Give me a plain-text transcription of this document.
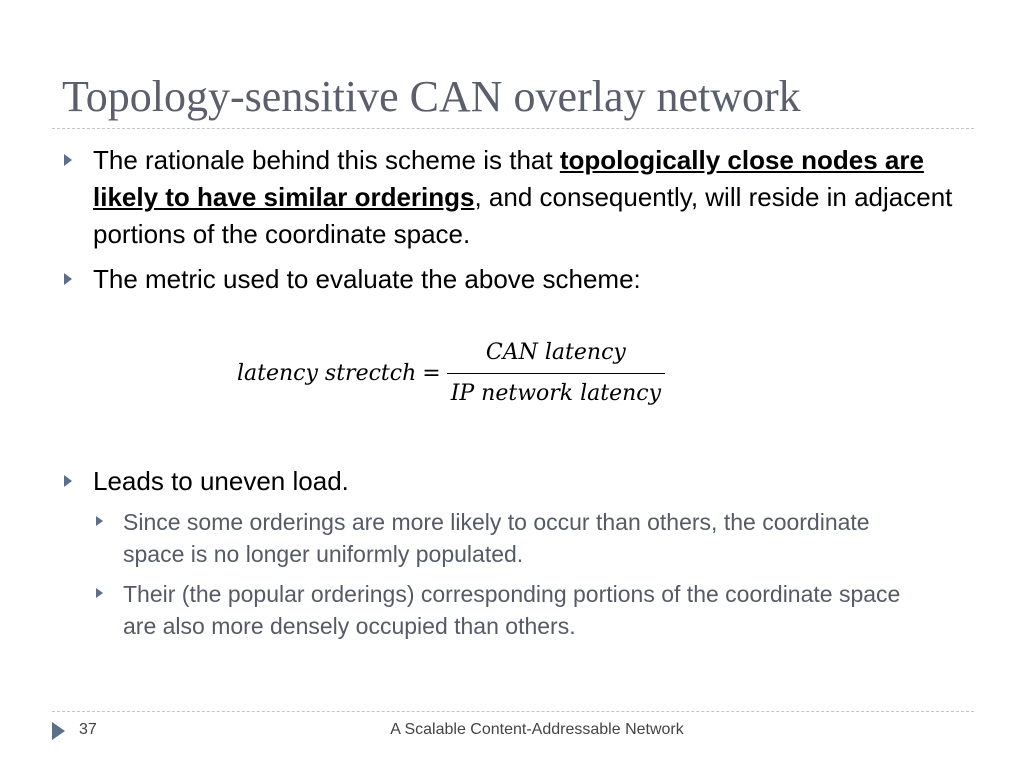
Topology-sensitive CAN overlay network
The rationale behind this scheme is that topologically close nodes are likely to have similar orderings, and consequently, will reside in adjacent portions of the coordinate space.
The metric used to evaluate the above scheme:
latency strectch = $\frac{\text{CAN latency}}{\text{IP network latency}}$
Leads to uneven load.
Since some orderings are more likely to occur than others, the coordinate space is no longer uniformly populated.
Their (the popular orderings) corresponding portions of the coordinate space are also more densely occupied than others.
37	A Scalable Content-Addressable Network
